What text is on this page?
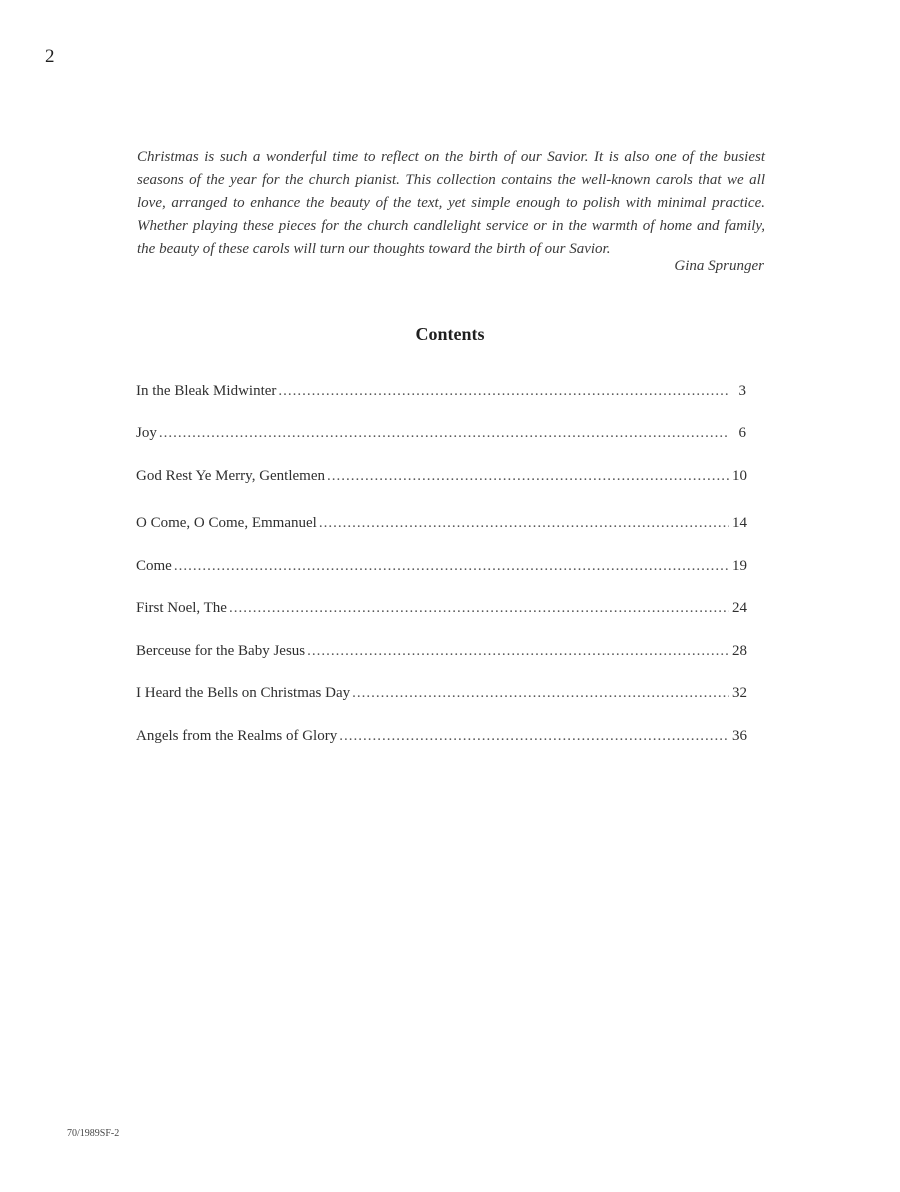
2

Christmas is such a wonderful time to reflect on the birth of our Savior. It is also one of the busiest seasons of the year for the church pianist. This collection contains the well-known carols that we all love, arranged to enhance the beauty of the text, yet simple enough to polish with minimal practice. Whether playing these pieces for the church candlelight service or in the warmth of home and family, the beauty of these carols will turn our thoughts toward the birth of our Savior.

Gina Sprunger
Contents
In the Bleak Midwinter .....	3
Joy .....	6
God Rest Ye Merry, Gentlemen .....	10
O Come, O Come, Emmanuel .....	14
Come .....	19
First Noel, The .....	24
Berceuse for the Baby Jesus .....	28
I Heard the Bells on Christmas Day .....	32
Angels from the Realms of Glory .....	36
70/1989SF-2
